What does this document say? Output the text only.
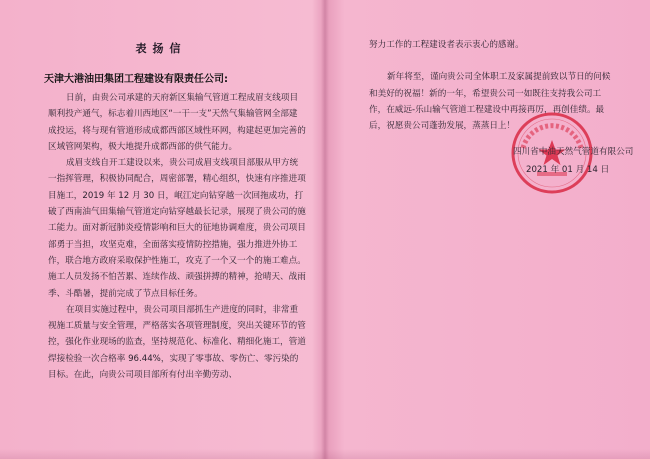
表扬信
天津大港油田集团工程建设有限责任公司:

日前，由贵公司承建的天府新区集输气管道工程成眉支线项目顺利投产通气，标志着川西地区“一干一支”天然气集输管网全部建成投运，将与现有管道形成成都西部区域性环网，构建起更加完善的区域管网架构，极大地提升成都西部的供气能力。

成眉支线自开工建设以来，贵公司成眉支线项目部服从甲方统一指挥管理，积极协同配合，周密部署，精心组织，快速有序推进项目施工，2019 年 12 月 30 日，岷江定向钻穿越一次回拖成功，打破了西南油气田集输气管道定向钻穿越最长记录，展现了贵公司的施工能力。面对新冠肺炎疫情影响和巨大的征地协调难度，贵公司项目部勇于当担，攻坚克难，全面落实疫情防控措施，强力推进外协工作，联合地方政府采取保护性施工，攻克了一个又一个的施工难点。施工人员发扬不怕苦累、连续作战、顽强拼搏的精神，抢晴天、战雨季、斗酷暑，提前完成了节点目标任务。

在项目实施过程中，贵公司项目部抓生产进度的同时，非常重视施工质量与安全管理，严格落实各项管理制度，突出关键环节的管控，强化作业现场的监查，坚持规范化、标准化、精细化施工，管道焊接检验一次合格率 96.44%，实现了零事故、零伤亡、零污染的目标。在此，向贵公司项目部所有付出辛勤劳动、

努力工作的工程建设者表示衷心的感谢。

新年将至，谨向贵公司全体职工及家属提前致以节日的问候和美好的祝福！新的一年，希望贵公司一如既往支持我公司工作，在威远-乐山输气管道工程建设中再接再厉，再创佳绩。最后，祝愿贵公司蓬勃发展，蒸蒸日上！

四川省中油天然气管道有限公司
2021 年 01 月 14 日
